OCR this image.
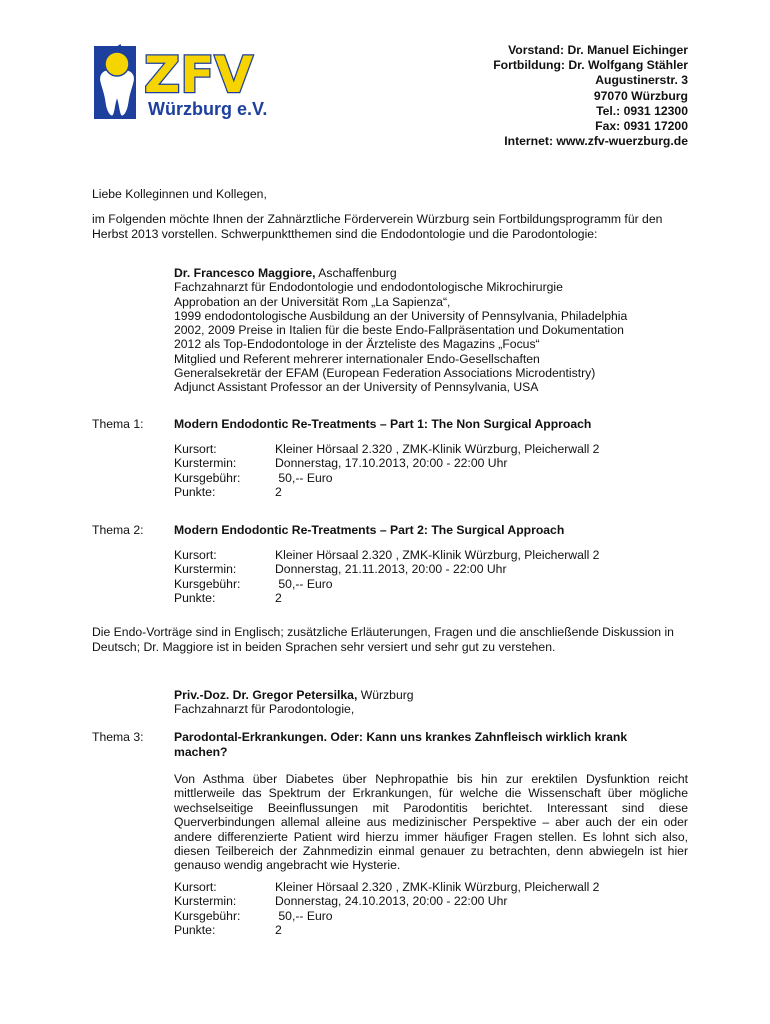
ZFV
Würzburg e.V.
Vorstand: Dr. Manuel Eichinger
Fortbildung: Dr. Wolfgang Stähler
Augustinerstr. 3
97070 Würzburg
Tel.: 0931 12300
Fax: 0931 17200
Internet: www.zfv-wuerzburg.de
Liebe Kolleginnen und Kollegen,
im Folgenden möchte Ihnen der Zahnärztliche Förderverein Würzburg sein Fortbildungsprogramm für den Herbst 2013 vorstellen. Schwerpunktthemen sind die Endodontologie und die Parodontologie:
Dr. Francesco Maggiore, Aschaffenburg
Fachzahnarzt für Endodontologie und endodontologische Mikrochirurgie
Approbation an der Universität Rom „La Sapienza“,
1999 endodontologische Ausbildung an der University of Pennsylvania, Philadelphia
2002, 2009 Preise in Italien für die beste Endo-Fallpräsentation und Dokumentation
2012 als Top-Endodontologe in der Ärzteliste des Magazins „Focus“
Mitglied und Referent mehrerer internationaler Endo-Gesellschaften
Generalsekretär der EFAM (European Federation Associations Microdentistry)
Adjunct Assistant Professor an der University of Pennsylvania, USA
Thema 1:	Modern Endodontic Re-Treatments – Part 1: The Non Surgical Approach
Kursort:	Kleiner Hörsaal 2.320 , ZMK-Klinik Würzburg, Pleicherwall 2
Kurstermin:	Donnerstag, 17.10.2013, 20:00 - 22:00 Uhr
Kursgebühr:	50,-- Euro
Punkte:	2
Thema 2:	Modern Endodontic Re-Treatments – Part 2: The Surgical Approach
Kursort:	Kleiner Hörsaal 2.320 , ZMK-Klinik Würzburg, Pleicherwall 2
Kurstermin:	Donnerstag, 21.11.2013, 20:00 - 22:00 Uhr
Kursgebühr:	50,-- Euro
Punkte:	2
Die Endo-Vorträge sind in Englisch; zusätzliche Erläuterungen, Fragen und die anschließende Diskussion in Deutsch; Dr. Maggiore ist in beiden Sprachen sehr versiert und sehr gut zu verstehen.
Priv.-Doz. Dr. Gregor Petersilka, Würzburg
Fachzahnarzt für Parodontologie,
Thema 3:	Parodontal-Erkrankungen. Oder: Kann uns krankes Zahnfleisch wirklich krank machen?
Von Asthma über Diabetes über Nephropathie bis hin zur erektilen Dysfunktion reicht mittlerweile das Spektrum der Erkrankungen, für welche die Wissenschaft über mögliche wechselseitige Beeinflussungen mit Parodontitis berichtet. Interessant sind diese Querverbindungen allemal alleine aus medizinischer Perspektive – aber auch der ein oder andere differenzierte Patient wird hierzu immer häufiger Fragen stellen. Es lohnt sich also, diesen Teilbereich der Zahnmedizin einmal genauer zu betrachten, denn abwiegeln ist hier genauso wendig angebracht wie Hysterie.
Kursort:	Kleiner Hörsaal 2.320 , ZMK-Klinik Würzburg, Pleicherwall 2
Kurstermin:	Donnerstag, 24.10.2013, 20:00 - 22:00 Uhr
Kursgebühr:	50,-- Euro
Punkte:	2
